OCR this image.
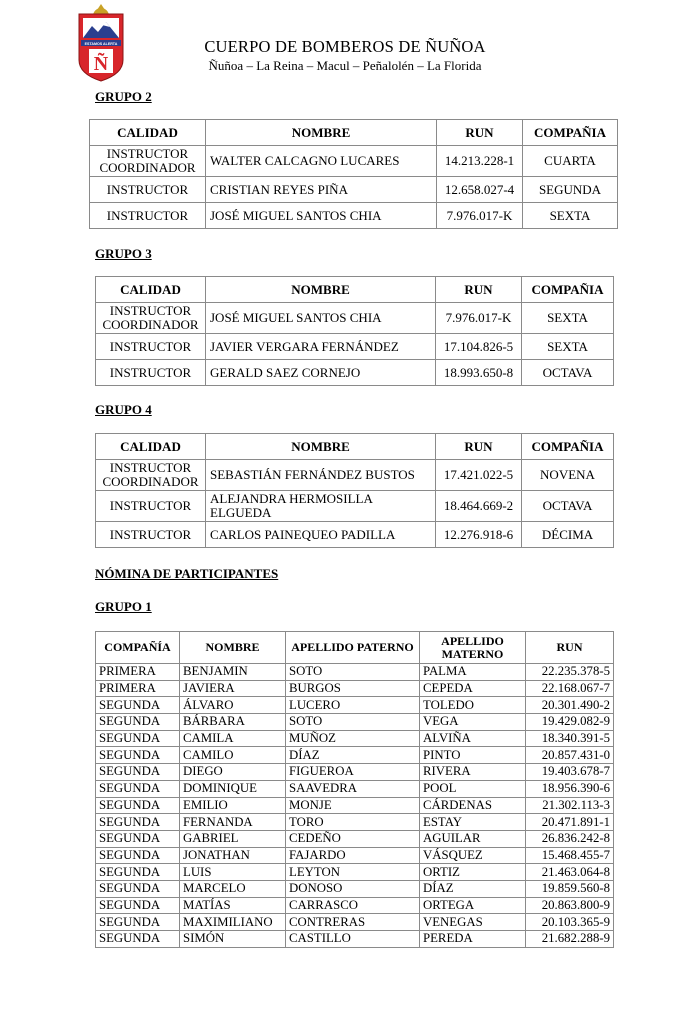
ESTAMOS ALERTA
Ñ
CUERPO DE BOMBEROS DE ÑUÑOA
Ñuñoa – La Reina – Macul – Peñalolén – La Florida
GRUPO 2
CALIDAD	NOMBRE	RUN	COMPAÑIA
INSTRUCTOR COORDINADOR	WALTER CALCAGNO LUCARES	14.213.228-1	CUARTA
INSTRUCTOR	CRISTIAN REYES PIÑA	12.658.027-4	SEGUNDA
INSTRUCTOR	JOSÉ MIGUEL SANTOS CHIA	7.976.017-K	SEXTA
GRUPO 3
CALIDAD	NOMBRE	RUN	COMPAÑIA
INSTRUCTOR COORDINADOR	JOSÉ MIGUEL SANTOS CHIA	7.976.017-K	SEXTA
INSTRUCTOR	JAVIER VERGARA FERNÁNDEZ	17.104.826-5	SEXTA
INSTRUCTOR	GERALD SAEZ CORNEJO	18.993.650-8	OCTAVA
GRUPO 4
CALIDAD	NOMBRE	RUN	COMPAÑIA
INSTRUCTOR COORDINADOR	SEBASTIÁN FERNÁNDEZ BUSTOS	17.421.022-5	NOVENA
INSTRUCTOR	ALEJANDRA HERMOSILLA ELGUEDA	18.464.669-2	OCTAVA
INSTRUCTOR	CARLOS PAINEQUEO PADILLA	12.276.918-6	DÉCIMA
NÓMINA DE PARTICIPANTES
GRUPO 1
COMPAÑÍA	NOMBRE	APELLIDO PATERNO	APELLIDO MATERNO	RUN
PRIMERA	BENJAMIN	SOTO	PALMA	22.235.378-5
PRIMERA	JAVIERA	BURGOS	CEPEDA	22.168.067-7
SEGUNDA	ÁLVARO	LUCERO	TOLEDO	20.301.490-2
SEGUNDA	BÁRBARA	SOTO	VEGA	19.429.082-9
SEGUNDA	CAMILA	MUÑOZ	ALVIÑA	18.340.391-5
SEGUNDA	CAMILO	DÍAZ	PINTO	20.857.431-0
SEGUNDA	DIEGO	FIGUEROA	RIVERA	19.403.678-7
SEGUNDA	DOMINIQUE	SAAVEDRA	POOL	18.956.390-6
SEGUNDA	EMILIO	MONJE	CÁRDENAS	21.302.113-3
SEGUNDA	FERNANDA	TORO	ESTAY	20.471.891-1
SEGUNDA	GABRIEL	CEDEÑO	AGUILAR	26.836.242-8
SEGUNDA	JONATHAN	FAJARDO	VÁSQUEZ	15.468.455-7
SEGUNDA	LUIS	LEYTON	ORTIZ	21.463.064-8
SEGUNDA	MARCELO	DONOSO	DÍAZ	19.859.560-8
SEGUNDA	MATÍAS	CARRASCO	ORTEGA	20.863.800-9
SEGUNDA	MAXIMILIANO	CONTRERAS	VENEGAS	20.103.365-9
SEGUNDA	SIMÓN	CASTILLO	PEREDA	21.682.288-9
